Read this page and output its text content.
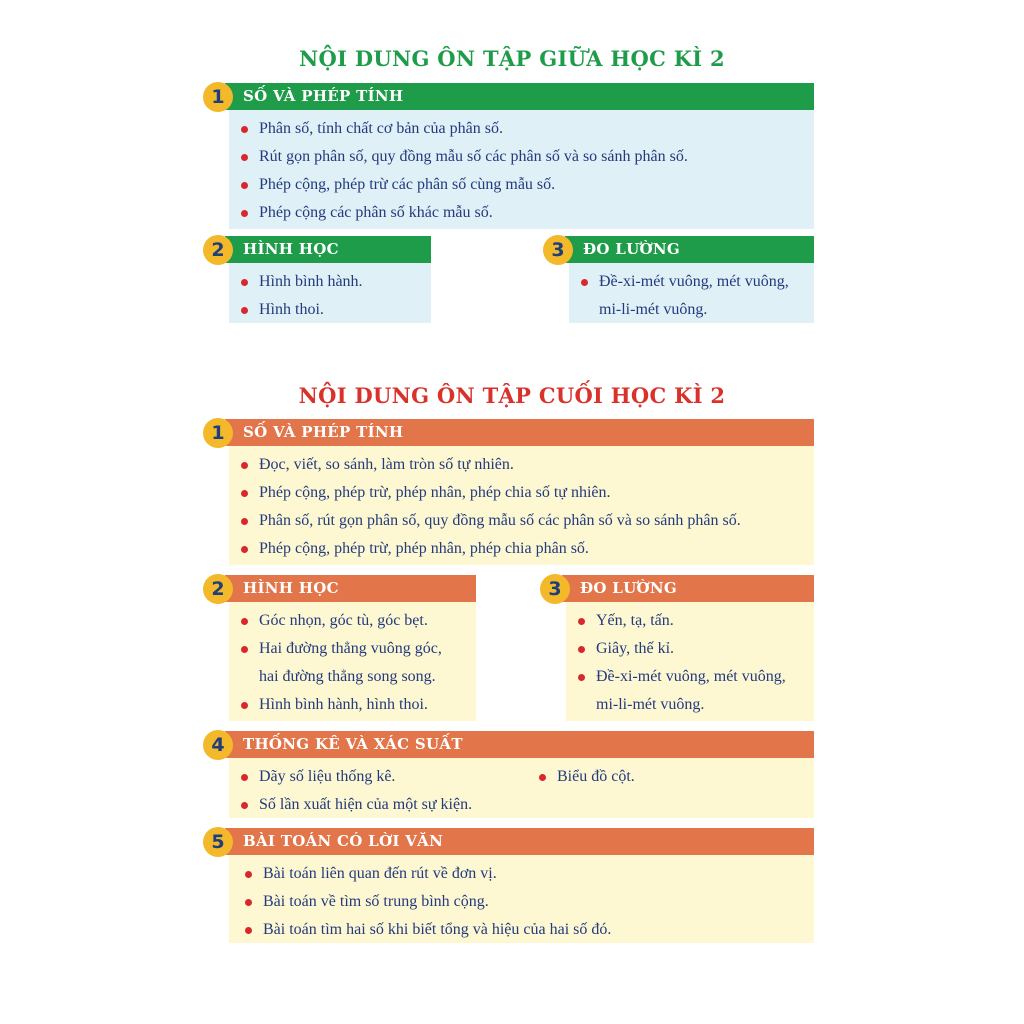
NỘI DUNG ÔN TẬP GIỮA HỌC KÌ 2
1	SỐ VÀ PHÉP TÍNH
Phân số, tính chất cơ bản của phân số.
Rút gọn phân số, quy đồng mẫu số các phân số và so sánh phân số.
Phép cộng, phép trừ các phân số cùng mẫu số.
Phép cộng các phân số khác mẫu số.
2	HÌNH HỌC
Hình bình hành.
Hình thoi.
3	ĐO LƯỜNG
Đề-xi-mét vuông, mét vuông,
mi-li-mét vuông.
NỘI DUNG ÔN TẬP CUỐI HỌC KÌ 2
1	SỐ VÀ PHÉP TÍNH
Đọc, viết, so sánh, làm tròn số tự nhiên.
Phép cộng, phép trừ, phép nhân, phép chia số tự nhiên.
Phân số, rút gọn phân số, quy đồng mẫu số các phân số và so sánh phân số.
Phép cộng, phép trừ, phép nhân, phép chia phân số.
2	HÌNH HỌC
Góc nhọn, góc tù, góc bẹt.
Hai đường thẳng vuông góc,
hai đường thẳng song song.
Hình bình hành, hình thoi.
3	ĐO LƯỜNG
Yến, tạ, tấn.
Giây, thế kỉ.
Đề-xi-mét vuông, mét vuông,
mi-li-mét vuông.
4	THỐNG KÊ VÀ XÁC SUẤT
Dãy số liệu thống kê.
Số lần xuất hiện của một sự kiện.
Biểu đồ cột.
5	BÀI TOÁN CÓ LỜI VĂN
Bài toán liên quan đến rút về đơn vị.
Bài toán về tìm số trung bình cộng.
Bài toán tìm hai số khi biết tổng và hiệu của hai số đó.
